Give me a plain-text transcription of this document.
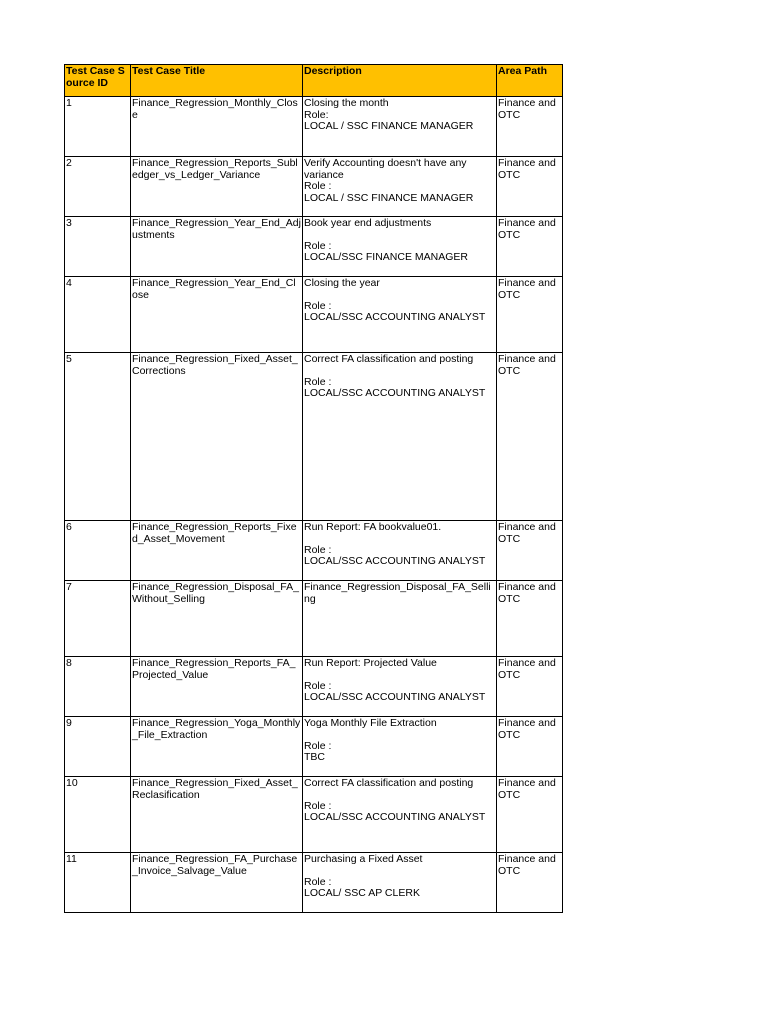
Test Case Source ID	Test Case Title	Description	Area Path
1	Finance_Regression_Monthly_Close	Closing the month
Role:
LOCAL / SSC FINANCE MANAGER	Finance and OTC
2	Finance_Regression_Reports_Subledger_vs_Ledger_Variance	Verify Accounting doesn't have any variance
Role :
LOCAL / SSC FINANCE MANAGER	Finance and OTC
3	Finance_Regression_Year_End_Adjustments	Book year end adjustments
Role :
LOCAL/SSC FINANCE MANAGER	Finance and OTC
4	Finance_Regression_Year_End_Close	Closing the year
Role :
LOCAL/SSC ACCOUNTING ANALYST	Finance and OTC
5	Finance_Regression_Fixed_Asset_Corrections	Correct FA classification and posting
Role :
LOCAL/SSC ACCOUNTING ANALYST	Finance and OTC
6	Finance_Regression_Reports_Fixed_Asset_Movement	Run Report: FA bookvalue01.
Role :
LOCAL/SSC ACCOUNTING ANALYST	Finance and OTC
7	Finance_Regression_Disposal_FA_Without_Selling	Finance_Regression_Disposal_FA_Selling	Finance and OTC
8	Finance_Regression_Reports_FA_Projected_Value	Run Report: Projected Value
Role :
LOCAL/SSC ACCOUNTING ANALYST	Finance and OTC
9	Finance_Regression_Yoga_Monthly_File_Extraction	Yoga Monthly File Extraction
Role :
TBC	Finance and OTC
10	Finance_Regression_Fixed_Asset_Reclasification	Correct FA classification and posting
Role :
LOCAL/SSC ACCOUNTING ANALYST	Finance and OTC
11	Finance_Regression_FA_Purchase_Invoice_Salvage_Value	Purchasing a Fixed Asset
Role :
LOCAL/ SSC AP CLERK	Finance and OTC
